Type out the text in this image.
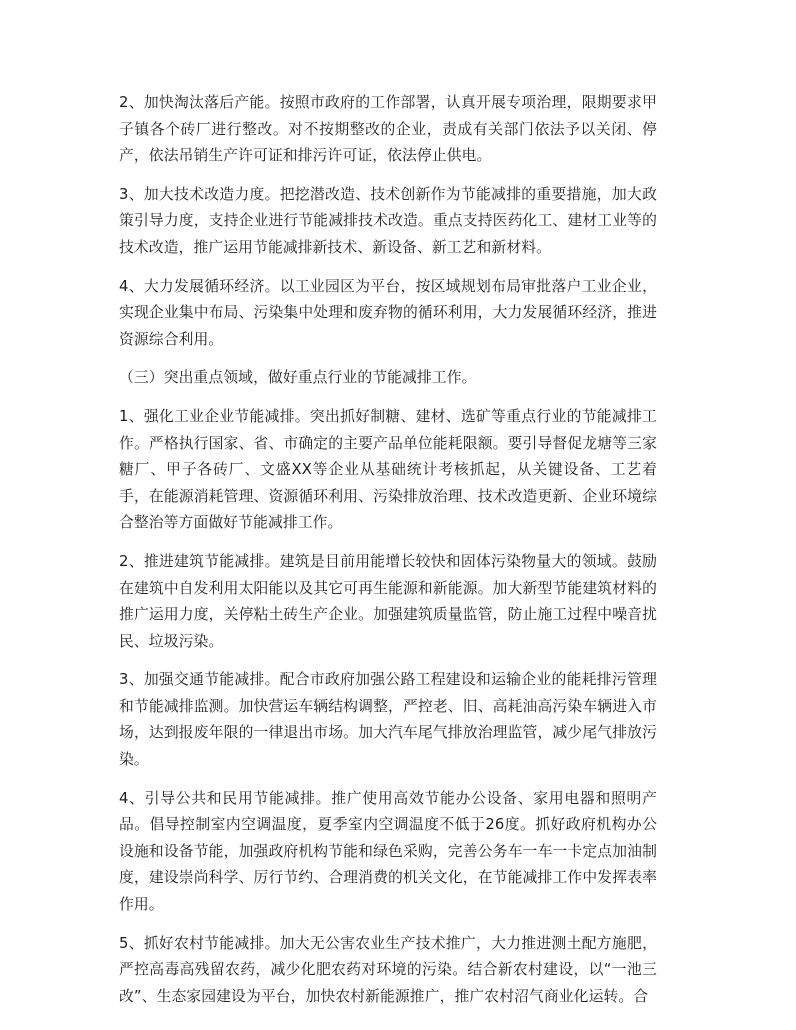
2、加快淘汰落后产能。按照市政府的工作部署，认真开展专项治理，限期要求甲子镇各个砖厂进行整改。对不按期整改的企业，责成有关部门依法予以关闭、停产，依法吊销生产许可证和排污许可证，依法停止供电。

3、加大技术改造力度。把挖潜改造、技术创新作为节能减排的重要措施，加大政策引导力度，支持企业进行节能减排技术改造。重点支持医药化工、建材工业等的技术改造，推广运用节能减排新技术、新设备、新工艺和新材料。

4、大力发展循环经济。以工业园区为平台，按区域规划布局审批落户工业企业，实现企业集中布局、污染集中处理和废弃物的循环利用，大力发展循环经济，推进资源综合利用。

（三）突出重点领域，做好重点行业的节能减排工作。

1、强化工业企业节能减排。突出抓好制糖、建材、选矿等重点行业的节能减排工作。严格执行国家、省、市确定的主要产品单位能耗限额。要引导督促龙塘等三家糖厂、甲子各砖厂、文盛XX等企业从基础统计考核抓起，从关键设备、工艺着手，在能源消耗管理、资源循环利用、污染排放治理、技术改造更新、企业环境综合整治等方面做好节能减排工作。

2、推进建筑节能减排。建筑是目前用能增长较快和固体污染物量大的领域。鼓励在建筑中自发利用太阳能以及其它可再生能源和新能源。加大新型节能建筑材料的推广运用力度，关停粘土砖生产企业。加强建筑质量监管，防止施工过程中噪音扰民、垃圾污染。

3、加强交通节能减排。配合市政府加强公路工程建设和运输企业的能耗排污管理和节能减排监测。加快营运车辆结构调整，严控老、旧、高耗油高污染车辆进入市场，达到报废年限的一律退出市场。加大汽车尾气排放治理监管，减少尾气排放污染。

4、引导公共和民用节能减排。推广使用高效节能办公设备、家用电器和照明产品。倡导控制室内空调温度，夏季室内空调温度不低于26度。抓好政府机构办公设施和设备节能，加强政府机构节能和绿色采购，完善公务车一车一卡定点加油制度，建设崇尚科学、厉行节约、合理消费的机关文化，在节能减排工作中发挥表率作用。

5、抓好农村节能减排。加大无公害农业生产技术推广，大力推进测土配方施肥，严控高毒高残留农药，减少化肥农药对环境的污染。结合新农村建设，以“一池三改”、生态家园建设为平台，加快农村新能源推广，推广农村沼气商业化运转。合
